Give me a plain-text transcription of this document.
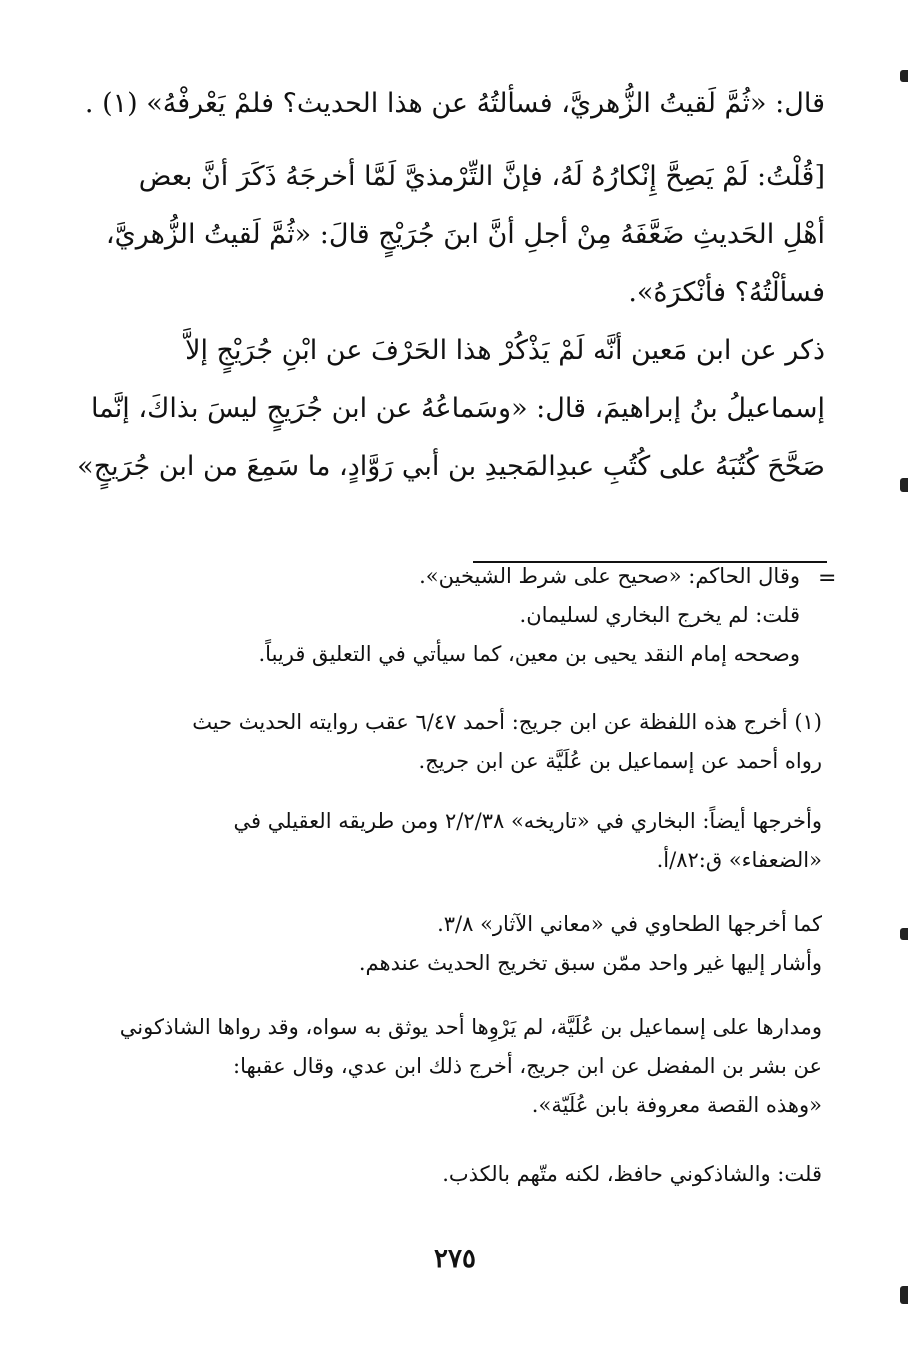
قال: «ثُمَّ لَقيتُ الزُّهريَّ، فسألتُهُ عن هذا الحديث؟ فلمْ يَعْرفْهُ» (١) .
[قُلْتُ: لَمْ يَصِحَّ إِنْكارُهُ لَهُ، فإنَّ التِّرْمذيَّ لَمَّا أخرجَهُ ذَكَرَ أنَّ بعض
أهْلِ الحَديثِ ضَعَّفَهُ مِنْ أجلِ أنَّ ابنَ جُرَيْجٍ قالَ: «ثُمَّ لَقيتُ الزُّهريَّ،
فسألْتُهُ؟ فأنْكرَهُ».
ذكر عن ابن مَعين أنَّه لَمْ يَذْكُرْ هذا الحَرْفَ عن ابْنِ جُرَيْجٍ إلاَّ
إسماعيلُ بنُ إبراهيمَ، قال: «وسَماعُهُ عن ابن جُرَيجٍ ليسَ بذاكَ، إنَّما
صَحَّحَ كُتُبَهُ على كُتُبِ عبدِالمَجيدِ بن أبي رَوَّادٍ، ما سَمِعَ من ابن جُرَيجٍ»
=
وقال الحاكم: «صحيح على شرط الشيخين».
قلت: لم يخرج البخاري لسليمان.
وصححه إمام النقد يحيى بن معين، كما سيأتي في التعليق قريباً.
(١) أخرج هذه اللفظة عن ابن جريج: أحمد ٦/٤٧ عقب روايته الحديث حيث
رواه أحمد عن إسماعيل بن عُلَيَّة عن ابن جريج.
وأخرجها أيضاً: البخاري في «تاريخه» ٢/٢/٣٨ ومن طريقه العقيلي في
«الضعفاء» ق:٨٢/أ.
كما أخرجها الطحاوي في «معاني الآثار» ٣/٨.
وأشار إليها غير واحد ممّن سبق تخريج الحديث عندهم.
ومدارها على إسماعيل بن عُلَيَّة، لم يَرْوِها أحد يوثق به سواه، وقد رواها الشاذكوني
عن بشر بن المفضل عن ابن جريج، أخرج ذلك ابن عدي، وقال عقبها:
«وهذه القصة معروفة بابن عُلَيّة».
قلت: والشاذكوني حافظ، لكنه متّهم بالكذب.
٢٧٥
